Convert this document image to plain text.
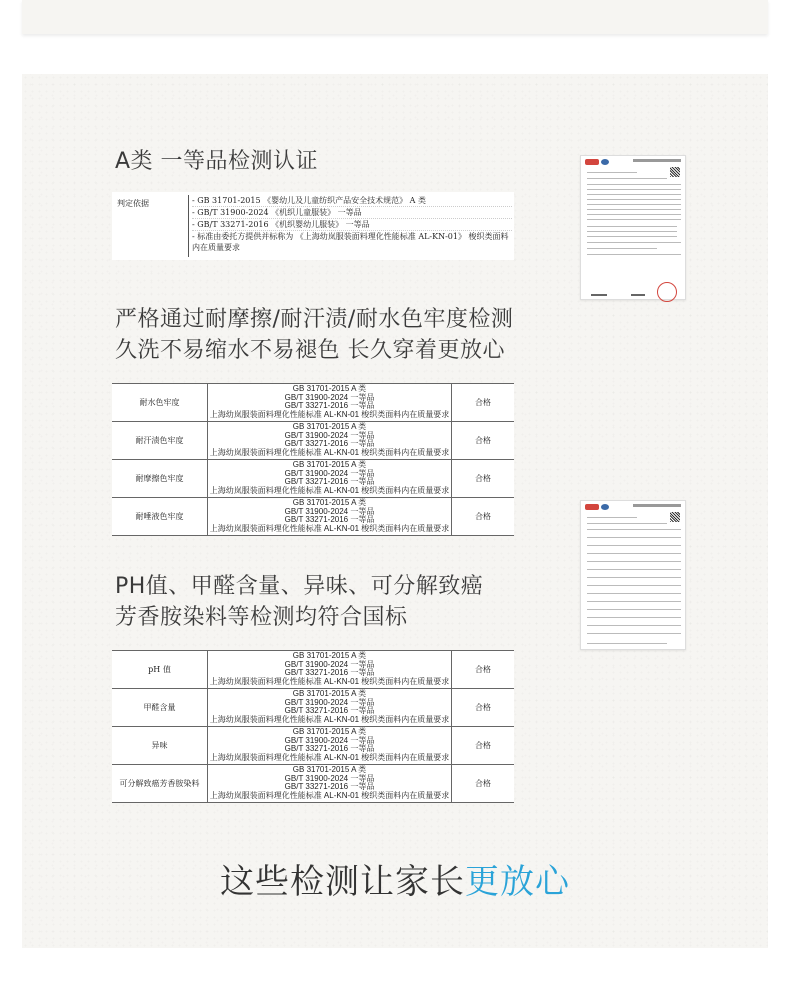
A类 一等品检测认证
判定依据	- GB 31701-2015 《婴幼儿及儿童纺织产品安全技术规范》 A 类
- GB/T 31900-2024 《机织儿童服装》 一等品
- GB/T 33271-2016 《机织婴幼儿服装》 一等品
- 标准由委托方提供并标称为 《上海幼岚服装面料理化性能标准 AL-KN-01》 梭织类面料内在质量要求
严格通过耐摩擦/耐汗渍/耐水色牢度检测
久洗不易缩水不易褪色 长久穿着更放心
耐水色牢度
GB 31701-2015 A 类
GB/T 31900-2024 一等品
GB/T 33271-2016 一等品
上海幼岚服装面料理化性能标准 AL-KN-01 梭织类面料内在质量要求
合格
耐汗渍色牢度
GB 31701-2015 A 类
GB/T 31900-2024 一等品
GB/T 33271-2016 一等品
上海幼岚服装面料理化性能标准 AL-KN-01 梭织类面料内在质量要求
合格
耐摩擦色牢度
GB 31701-2015 A 类
GB/T 31900-2024 一等品
GB/T 33271-2016 一等品
上海幼岚服装面料理化性能标准 AL-KN-01 梭织类面料内在质量要求
合格
耐唾液色牢度
GB 31701-2015 A 类
GB/T 31900-2024 一等品
GB/T 33271-2016 一等品
上海幼岚服装面料理化性能标准 AL-KN-01 梭织类面料内在质量要求
合格
PH值、甲醛含量、异味、可分解致癌
芳香胺染料等检测均符合国标
pH 值
GB 31701-2015 A 类
GB/T 31900-2024 一等品
GB/T 33271-2016 一等品
上海幼岚服装面料理化性能标准 AL-KN-01 梭织类面料内在质量要求
合格
甲醛含量
GB 31701-2015 A 类
GB/T 31900-2024 一等品
GB/T 33271-2016 一等品
上海幼岚服装面料理化性能标准 AL-KN-01 梭织类面料内在质量要求
合格
异味
GB 31701-2015 A 类
GB/T 31900-2024 一等品
GB/T 33271-2016 一等品
上海幼岚服装面料理化性能标准 AL-KN-01 梭织类面料内在质量要求
合格
可分解致癌芳香胺染料
GB 31701-2015 A 类
GB/T 31900-2024 一等品
GB/T 33271-2016 一等品
上海幼岚服装面料理化性能标准 AL-KN-01 梭织类面料内在质量要求
合格
这些检测让家长更放心
